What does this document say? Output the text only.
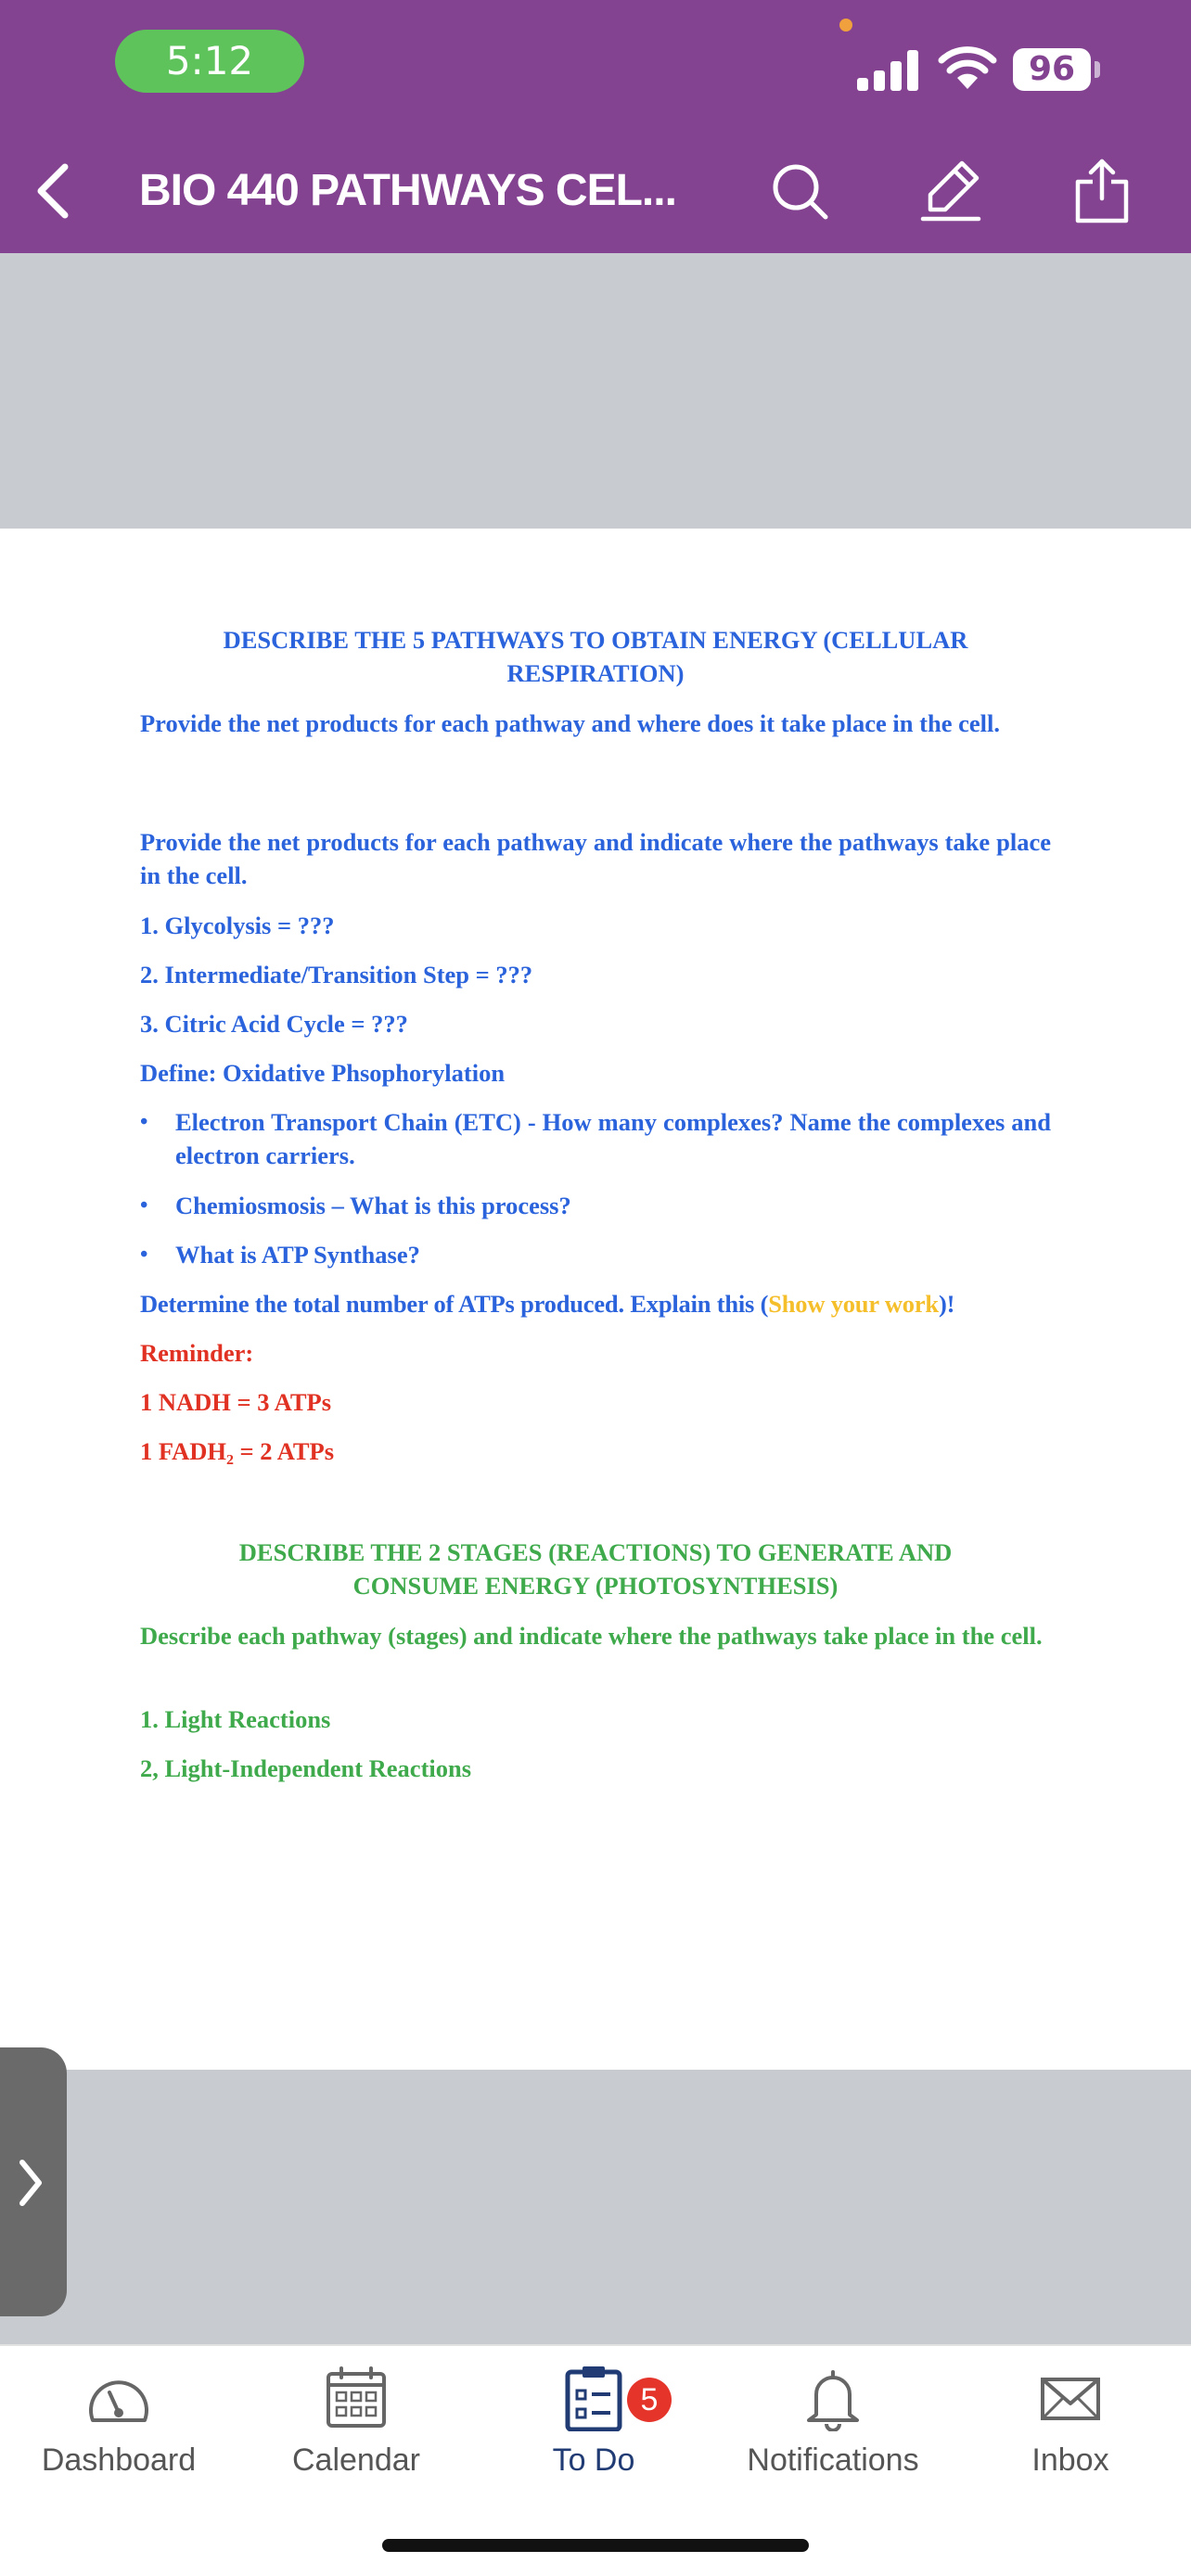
5:12	96
BIO 440 PATHWAYS CEL...
DESCRIBE THE 5 PATHWAYS TO OBTAIN ENERGY (CELLULAR
RESPIRATION)
Provide the net products for each pathway and where does it take place in the cell.
Provide the net products for each pathway and indicate where the pathways take place in the cell.
1. Glycolysis = ???
2. Intermediate/Transition Step = ???
3. Citric Acid Cycle = ???
Define: Oxidative Phsophorylation
• Electron Transport Chain (ETC) - How many complexes? Name the complexes and electron carriers.
• Chemiosmosis – What is this process?
• What is ATP Synthase?
Determine the total number of ATPs produced. Explain this (Show your work)!
Reminder:
1 NADH = 3 ATPs
1 FADH₂ = 2 ATPs
DESCRIBE THE 2 STAGES (REACTIONS) TO GENERATE AND
CONSUME ENERGY (PHOTOSYNTHESIS)
Describe each pathway (stages) and indicate where the pathways take place in the cell.
1. Light Reactions
2, Light-Independent Reactions
Dashboard	Calendar
5
To Do	Notifications	Inbox
